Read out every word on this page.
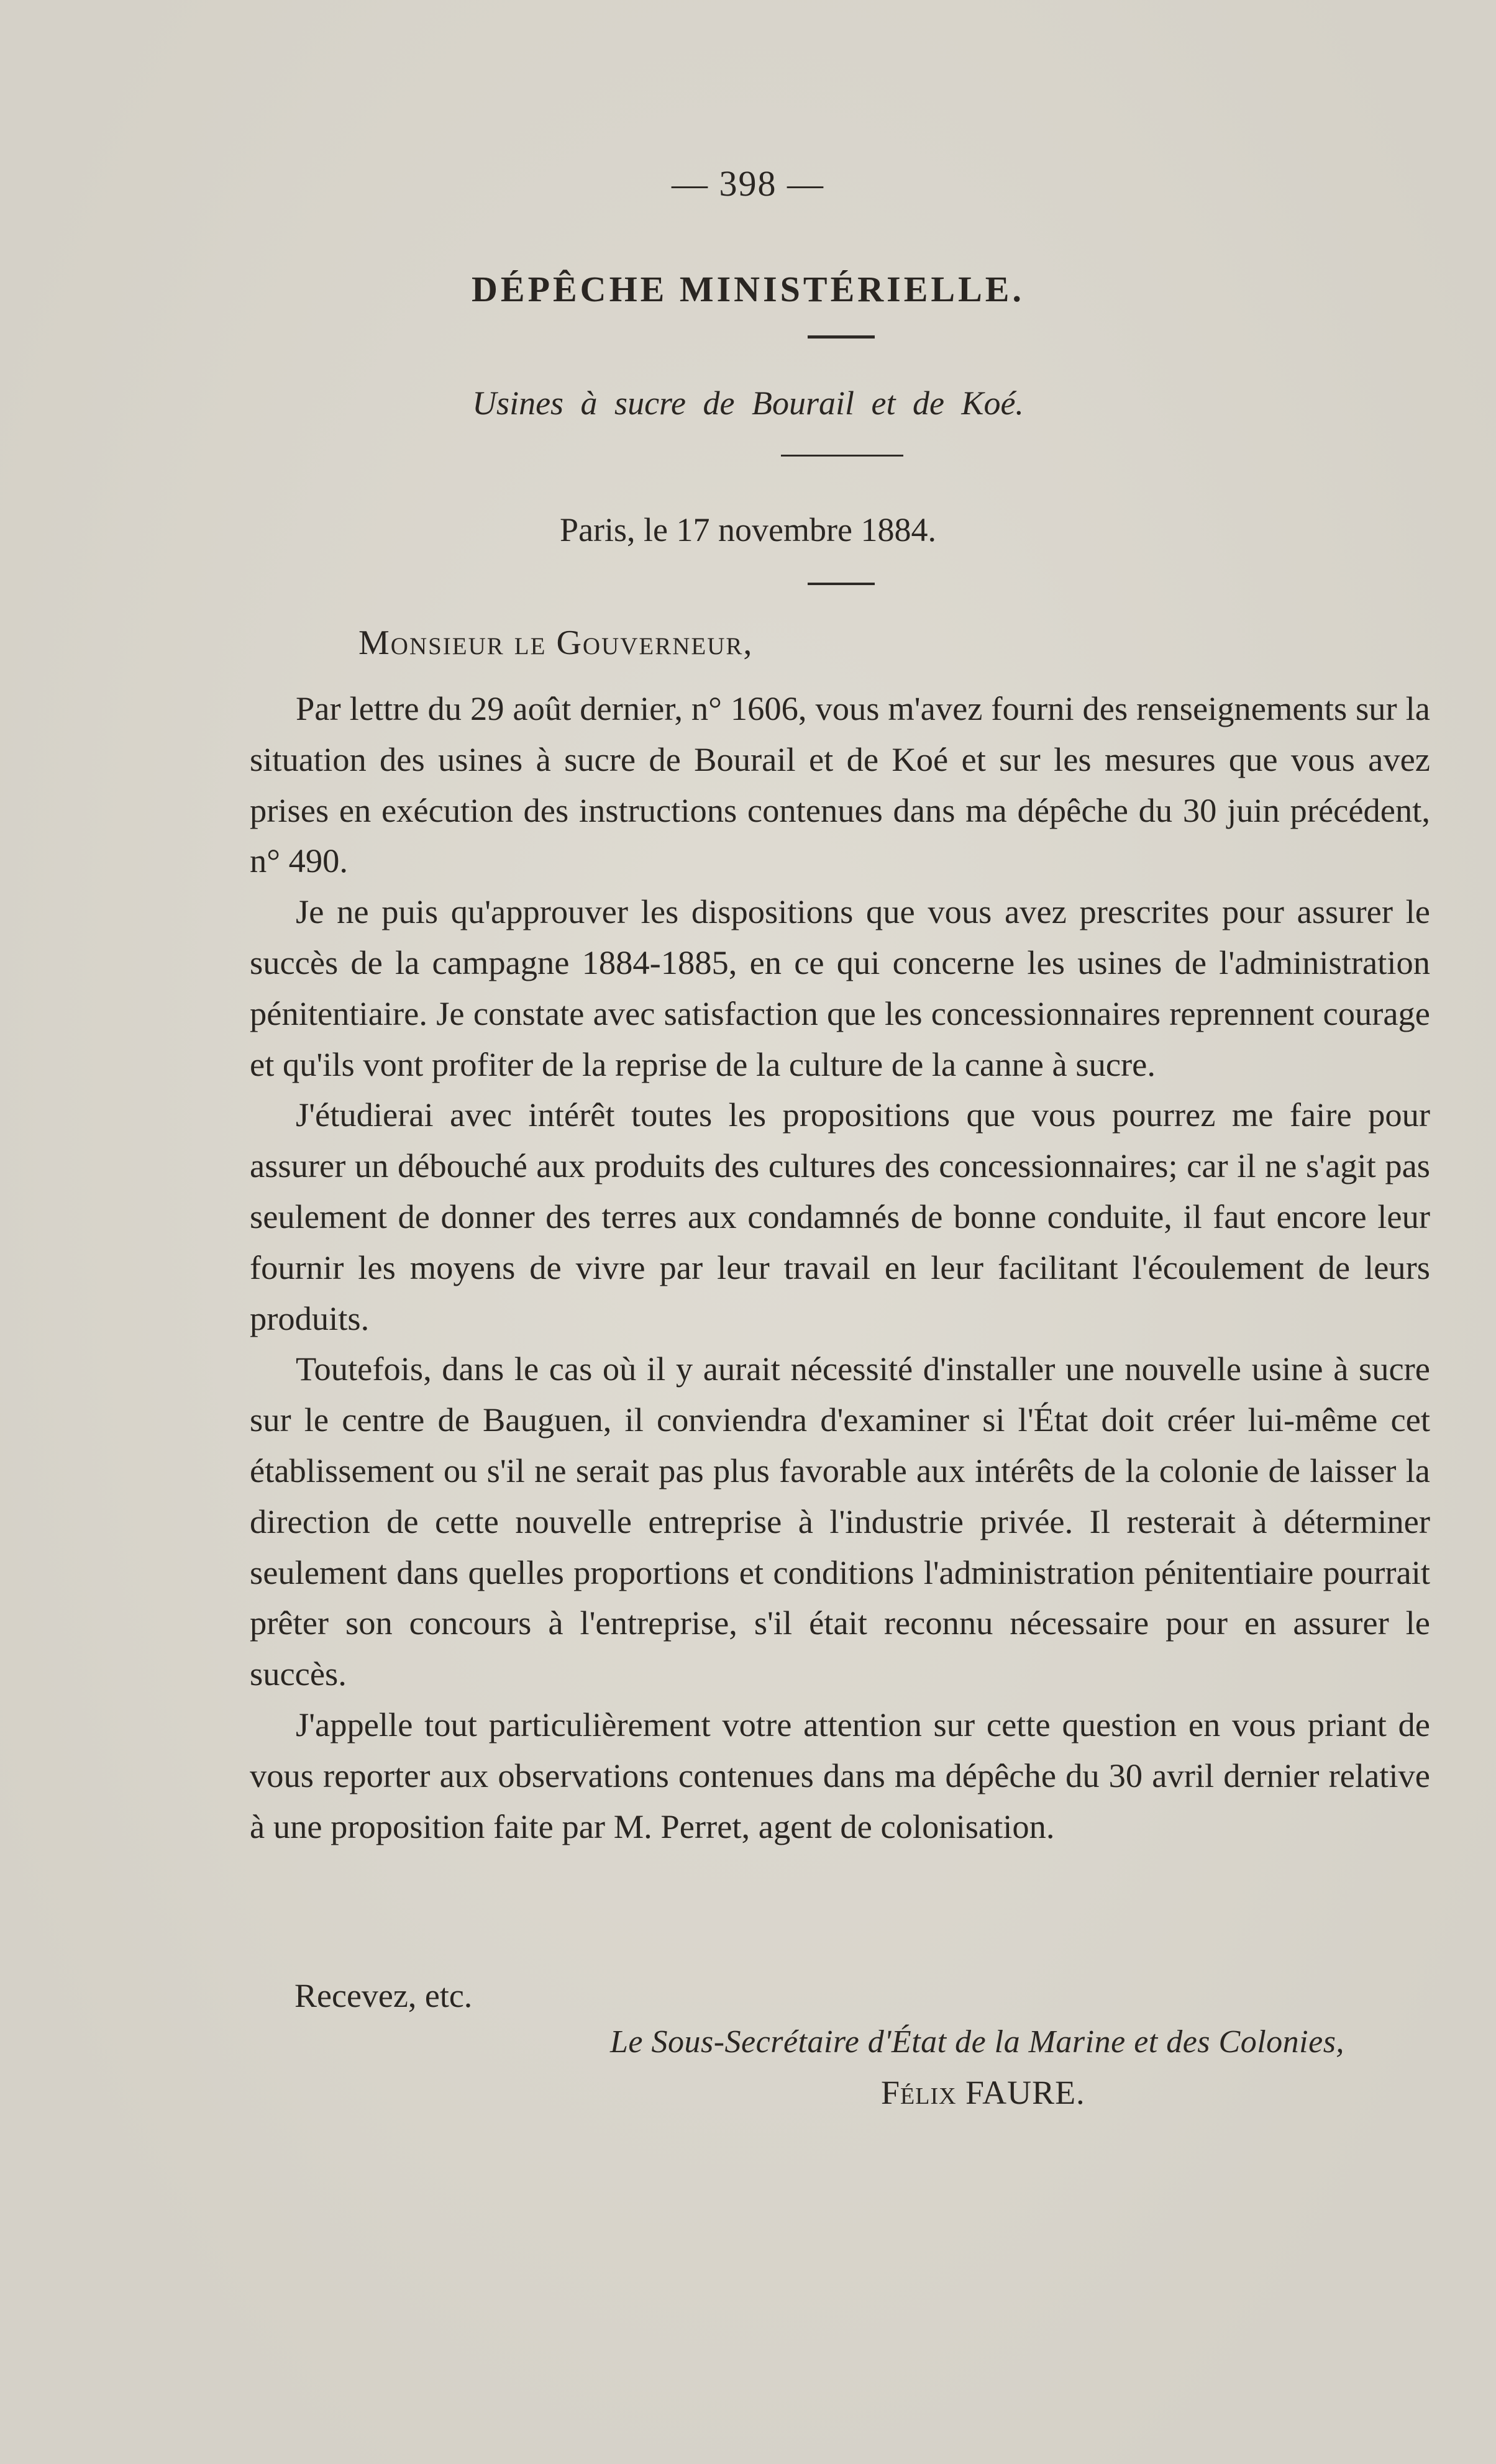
— 398 —
DÉPÊCHE MINISTÉRIELLE.
Usines à sucre de Bourail et de Koé.
Paris, le 17 novembre 1884.
Monsieur le Gouverneur,

Par lettre du 29 août dernier, n° 1606, vous m'avez fourni des renseignements sur la situation des usines à sucre de Bourail et de Koé et sur les mesures que vous avez prises en exécution des instructions contenues dans ma dépêche du 30 juin précédent, n° 490.

Je ne puis qu'approuver les dispositions que vous avez prescrites pour assurer le succès de la campagne 1884-1885, en ce qui concerne les usines de l'administration pénitentiaire. Je constate avec satisfaction que les concessionnaires reprennent courage et qu'ils vont profiter de la reprise de la culture de la canne à sucre.

J'étudierai avec intérêt toutes les propositions que vous pourrez me faire pour assurer un débouché aux produits des cultures des concessionnaires; car il ne s'agit pas seulement de donner des terres aux condamnés de bonne conduite, il faut encore leur fournir les moyens de vivre par leur travail en leur facilitant l'écoulement de leurs produits.

Toutefois, dans le cas où il y aurait nécessité d'installer une nouvelle usine à sucre sur le centre de Bauguen, il conviendra d'examiner si l'État doit créer lui-même cet établissement ou s'il ne serait pas plus favorable aux intérêts de la colonie de laisser la direction de cette nouvelle entreprise à l'industrie privée. Il resterait à déterminer seulement dans quelles proportions et conditions l'administration pénitentiaire pourrait prêter son concours à l'entreprise, s'il était reconnu nécessaire pour en assurer le succès.

J'appelle tout particulièrement votre attention sur cette question en vous priant de vous reporter aux observations contenues dans ma dépêche du 30 avril dernier relative à une proposition faite par M. Perret, agent de colonisation.

Recevez, etc.
Le Sous-Secrétaire d'État de la Marine et des Colonies,
Félix FAURE.
